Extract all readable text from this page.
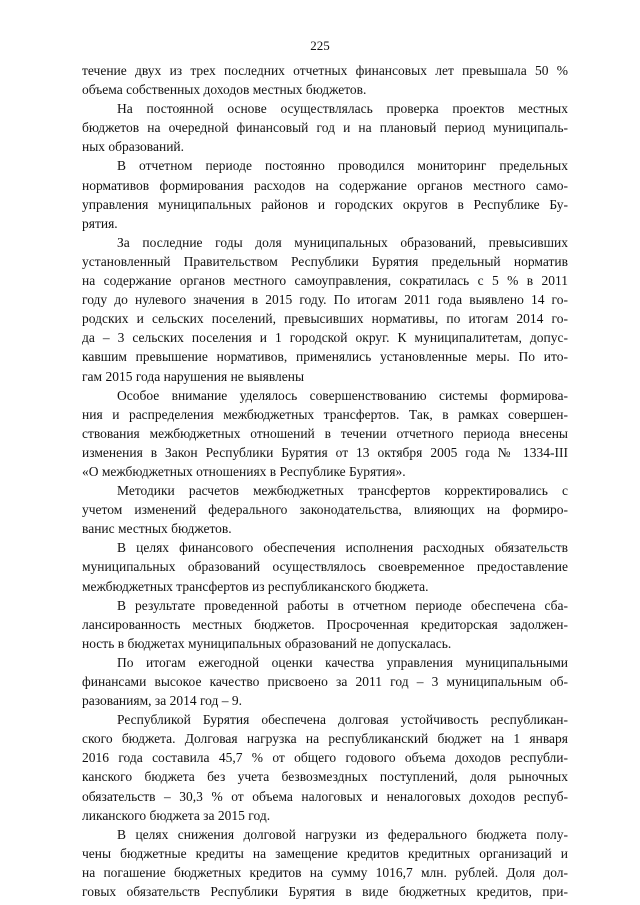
225
течение двух из трех последних отчетных финансовых лет превышала 50 %
объема собственных доходов местных бюджетов.
На постоянной основе осуществлялась проверка проектов местных
бюджетов на очередной финансовый год и на плановый период муниципаль-
ных образований.
В отчетном периоде постоянно проводился мониторинг предельных
нормативов формирования расходов на содержание органов местного само-
управления муниципальных районов и городских округов в Республике Бу-
рятия.
За последние годы доля муниципальных образований, превысивших
установленный Правительством Республики Бурятия предельный норматив
на содержание органов местного самоуправления, сократилась с 5 % в 2011
году до нулевого значения в 2015 году. По итогам 2011 года выявлено 14 го-
родских и сельских поселений, превысивших нормативы, по итогам 2014 го-
да – 3 сельских поселения и 1 городской округ. К муниципалитетам, допус-
кавшим превышение нормативов, применялись установленные меры. По ито-
гам 2015 года нарушения не выявлены
Особое внимание уделялось совершенствованию системы формирова-
ния и распределения межбюджетных трансфертов. Так, в рамках совершен-
ствования межбюджетных отношений в течении отчетного периода внесены
изменения в Закон Республики Бурятия от 13 октября 2005 года № 1334-III
«О межбюджетных отношениях в Республике Бурятия».
Методики расчетов межбюджетных трансфертов корректировались с
учетом изменений федерального законодательства, влияющих на формиро-
ванис местных бюджетов.
В целях финансового обеспечения исполнения расходных обязательств
муниципальных образований осуществлялось своевременное предоставление
межбюджетных трансфертов из республиканского бюджета.
В результате проведенной работы в отчетном периоде обеспечена сба-
лансированность местных бюджетов. Просроченная кредиторская задолжен-
ность в бюджетах муниципальных образований не допускалась.
По итогам ежегодной оценки качества управления муниципальными
финансами высокое качество присвоено за 2011 год – 3 муниципальным об-
разованиям, за 2014 год – 9.
Республикой Бурятия обеспечена долговая устойчивость республикан-
ского бюджета. Долговая нагрузка на республиканский бюджет на 1 января
2016 года составила 45,7 % от общего годового объема доходов республи-
канского бюджета без учета безвозмездных поступлений, доля рыночных
обязательств – 30,3 % от объема налоговых и неналоговых доходов респуб-
ликанского бюджета за 2015 год.
В целях снижения долговой нагрузки из федерального бюджета полу-
чены бюджетные кредиты на замещение кредитов кредитных организаций и
на погашение бюджетных кредитов на сумму 1016,7 млн. рублей. Доля дол-
говых обязательств Республики Бурятия в виде бюджетных кредитов, при-
